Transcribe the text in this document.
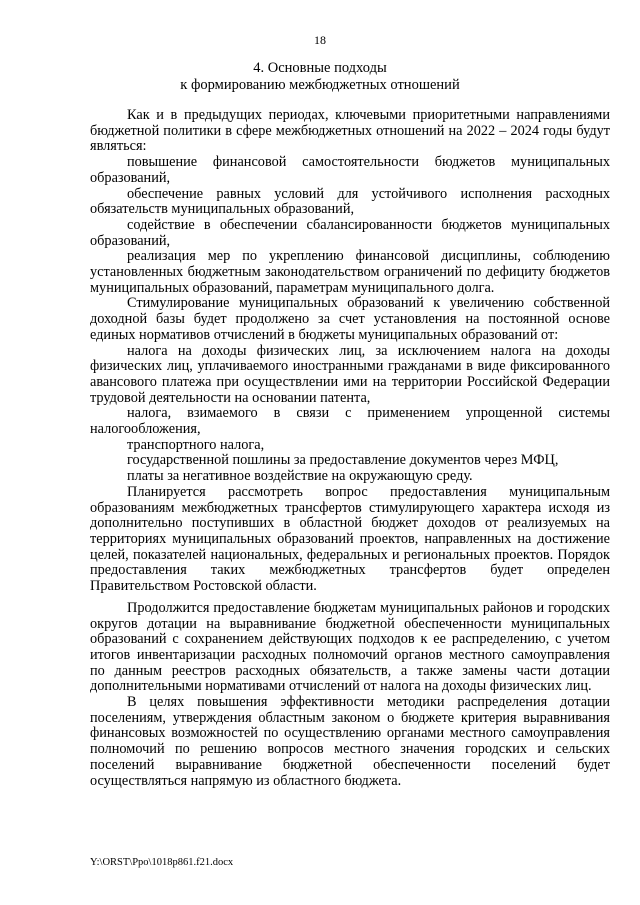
18
4. Основные подходы
к формированию межбюджетных отношений

Как и в предыдущих периодах, ключевыми приоритетными направлениями бюджетной политики в сфере межбюджетных отношений на 2022 – 2024 годы будут являться:

повышение финансовой самостоятельности бюджетов муниципальных образований,

обеспечение равных условий для устойчивого исполнения расходных обязательств муниципальных образований,

содействие в обеспечении сбалансированности бюджетов муниципальных образований,

реализация мер по укреплению финансовой дисциплины, соблюдению установленных бюджетным законодательством ограничений по дефициту бюджетов муниципальных образований, параметрам муниципального долга.

Стимулирование муниципальных образований к увеличению собственной доходной базы будет продолжено за счет установления на постоянной основе единых нормативов отчислений в бюджеты муниципальных образований от:

налога на доходы физических лиц, за исключением налога на доходы физических лиц, уплачиваемого иностранными гражданами в виде фиксированного авансового платежа при осуществлении ими на территории Российской Федерации трудовой деятельности на основании патента,

налога, взимаемого в связи с применением упрощенной системы налогообложения,

транспортного налога,

государственной пошлины за предоставление документов через МФЦ,

платы за негативное воздействие на окружающую среду.

Планируется рассмотреть вопрос предоставления муниципальным образованиям межбюджетных трансфертов стимулирующего характера исходя из дополнительно поступивших в областной бюджет доходов от реализуемых на территориях муниципальных образований проектов, направленных на достижение целей, показателей национальных, федеральных и региональных проектов. Порядок предоставления таких межбюджетных трансфертов будет определен Правительством Ростовской области.

Продолжится предоставление бюджетам муниципальных районов и городских округов дотации на выравнивание бюджетной обеспеченности муниципальных образований с сохранением действующих подходов к ее распределению, с учетом итогов инвентаризации расходных полномочий органов местного самоуправления по данным реестров расходных обязательств, а также замены части дотации дополнительными нормативами отчислений от налога на доходы физических лиц.

В целях повышения эффективности методики распределения дотации поселениям, утверждения областным законом о бюджете критерия выравнивания финансовых возможностей по осуществлению органами местного самоуправления полномочий по решению вопросов местного значения городских и сельских поселений выравнивание бюджетной обеспеченности поселений будет осуществляться напрямую из областного бюджета.

Y:\ORST\Ppo\1018p861.f21.docx
